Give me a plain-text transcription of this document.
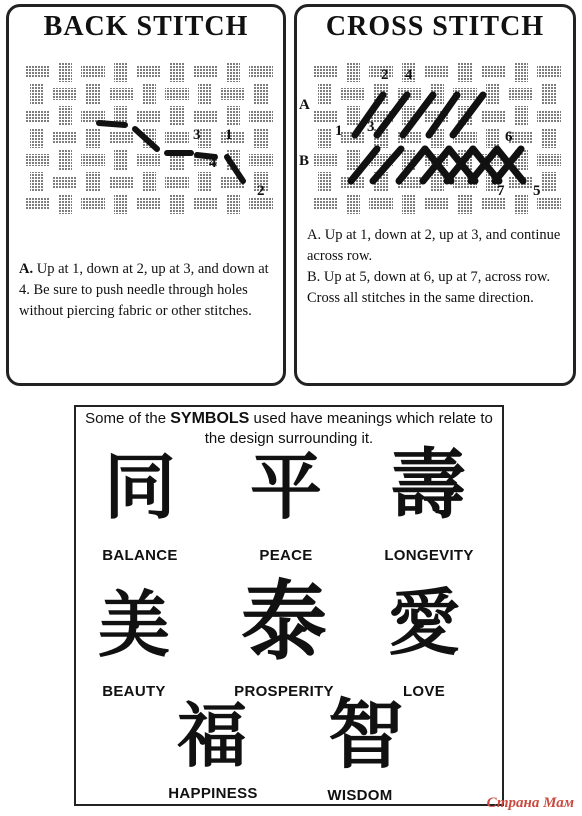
BACK STITCH
3 1
4
2

A. Up at 1, down at 2, up at 3, and down at 4. Be sure to push needle through holes without piercing fabric or other stitches.

CROSS STITCH
A
B
2 4
1 3
6
7 5

A. Up at 1, down at 2, up at 3, and continue across row.

B. Up at 5, down at 6, up at 7, across row.

Cross all stitches in the same direction.

Some of the SYMBOLS used have meanings which relate to the design surrounding it.
同
BALANCE
平
PEACE
壽
LONGEVITY
美
BEAUTY
泰
PROSPERITY
愛
LOVE
福
HAPPINESS
智
WISDOM	Страна Мам
